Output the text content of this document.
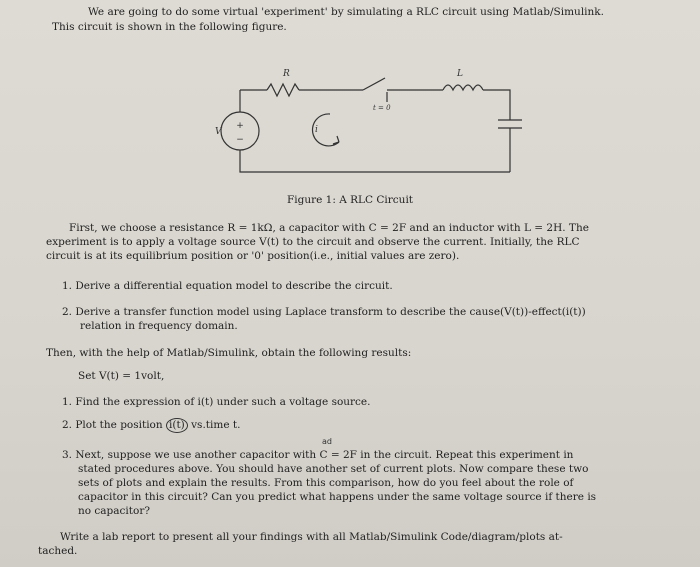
We are going to do some virtual 'experiment' by simulating a RLC circuit using Matlab/Simulink.
This circuit is shown in the following figure.
+
−
R	L
V	i
t = 0
Figure 1: A RLC Circuit
First, we choose a resistance R = 1kΩ, a capacitor with C = 2F and an inductor with L = 2H. The
experiment is to apply a voltage source V(t) to the circuit and observe the current. Initially, the RLC
circuit is at its equilibrium position or '0' position(i.e., initial values are zero).
1. Derive a differential equation model to describe the circuit.
2. Derive a transfer function model using Laplace transform to describe the cause(V(t))-effect(i(t))
relation in frequency domain.
Then, with the help of Matlab/Simulink, obtain the following results:
Set V(t) = 1volt,
1. Find the expression of i(t) under such a voltage source.
2. Plot the position i(t) vs.time t.
ad
3. Next, suppose we use another capacitor with C = 2F in the circuit. Repeat this experiment in
stated procedures above. You should have another set of current plots. Now compare these two
sets of plots and explain the results. From this comparison, how do you feel about the role of
capacitor in this circuit? Can you predict what happens under the same voltage source if there is
no capacitor?
Write a lab report to present all your findings with all Matlab/Simulink Code/diagram/plots at-
tached.
